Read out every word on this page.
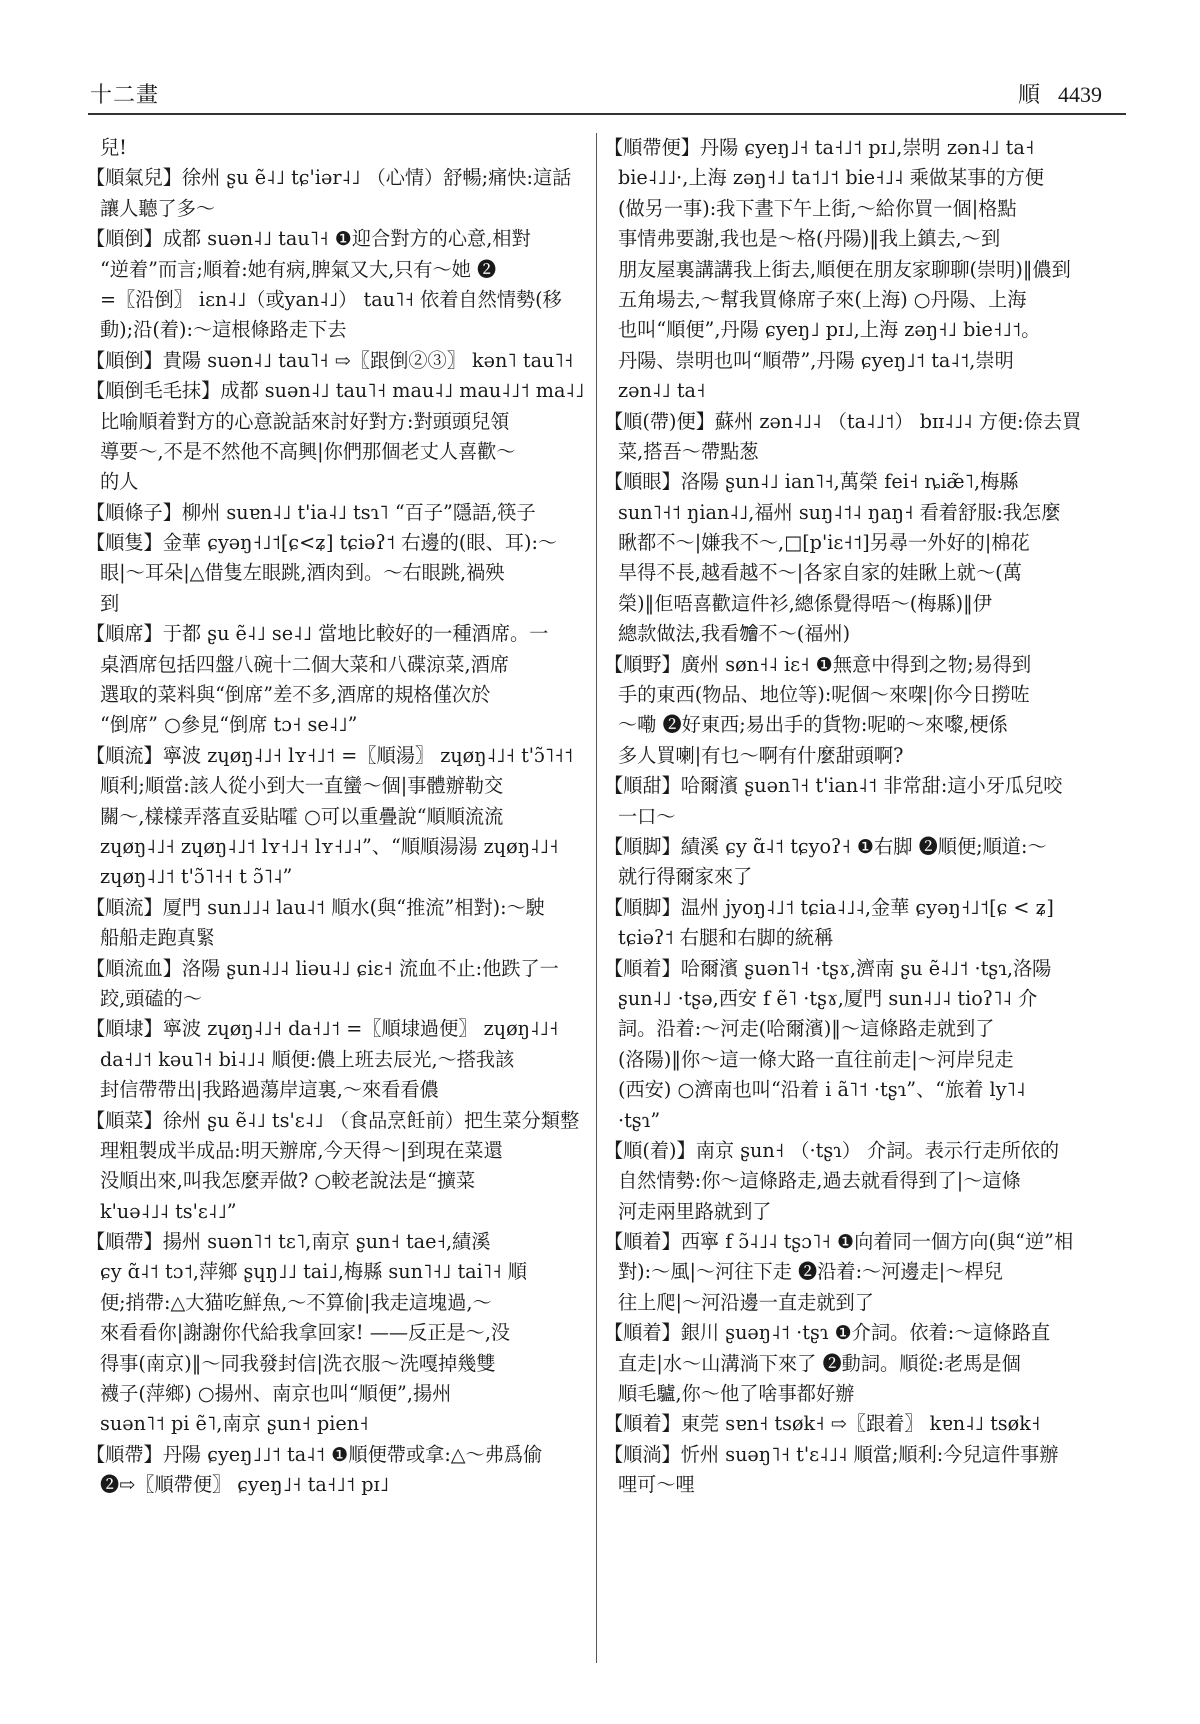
十二畫	順 4439
兒!
【順氣兒】徐州 ʂu ẽ˨˩ tɕ'iər˨˩ （心情）舒暢;痛快:這話
讓人聽了多～
【順倒】成都 suən˨˩ tau˥˧ ❶迎合對方的心意,相對
“逆着”而言;順着:她有病,脾氣又大,只有～她 ❷
=〖沿倒〗 iɛn˨˩（或yan˨˩） tau˥˧ 依着自然情勢(移
動);沿(着):～這根條路走下去
【順倒】貴陽 suən˨˩ tau˥˧ ⇨〖跟倒②③〗 kən˥ tau˥˧
【順倒毛毛抹】成都 suən˨˩ tau˥˧ mau˨˩ mau˨˩˦ ma˨˩
比喻順着對方的心意說話來討好對方:對頭頭兒領
導要～,不是不然他不高興|你們那個老丈人喜歡～
的人
【順條子】柳州 suɐn˨˩ t'ia˨˩ tsɿ˥ “百子”隱語,筷子
【順隻】金華 ɕyəŋ˧˩˦[ɕ<ʑ] tɕiəʔ˦ 右邊的(眼、耳):～
眼|～耳朵|△借隻左眼跳,酒肉到。～右眼跳,禍殃
到
【順席】于都 ʂu ẽ˨˩ se˨˩ 當地比較好的一種酒席。一
桌酒席包括四盤八碗十二個大菜和八碟涼菜,酒席
選取的菜料與“倒席”差不多,酒席的規格僅次於
“倒席” ○參見“倒席 tɔ˧ se˨˩”
【順流】寧波 zɥøŋ˨˩˧ lʏ˧˩˦ =〖順湯〗 zɥøŋ˨˩˧ t'ɔ̃˥˧˦
順利;順當:該人從小到大一直蠻～個|事體辦勒交
關～,樣樣弄落直妥貼嚯 ○可以重疊說“順順流流
zɥøŋ˨˩˧ zɥøŋ˨˩˦ lʏ˧˩˧ lʏ˧˩˨”、“順順湯湯 zɥøŋ˨˩˧
zɥøŋ˨˩˦ t'ɔ̃˥˧˧ t ɔ̃˥˨”
【順流】厦門 sun˩˩˨ lau˨˦ 順水(與“推流”相對):～駛
船船走跑真緊
【順流血】洛陽 ʂun˨˩˨ liəu˨˩ ɕiɛ˧ 流血不止:他跌了一
跤,頭磕的～
【順埭】寧波 zɥøŋ˨˩˧ da˧˩˦ =〖順埭過便〗 zɥøŋ˨˩˧
da˧˩˦ kəu˥˧ bi˨˩˨ 順便:儂上班去辰光,～搭我該
封信帶帶出|我路過蕩岸這裏,～來看看儂
【順菜】徐州 ʂu ẽ˨˩ ts'ɛ˨˩ （食品烹飪前）把生菜分類整
理粗製成半成品:明天辦席,今天得～|到現在菜還
没順出來,叫我怎麼弄做? ○較老說法是“擴菜
k'uə˨˩˨ ts'ɛ˨˩”
【順帶】揚州 suən˥˦ tɛ˥,南京 ʂun˧ tae˧,績溪
ɕy ɑ̃˨˦ tɔ˦,萍鄉 ʂɥŋ˩˩ tai˩,梅縣 sun˥˧˩ tai˥˧ 順
便;捎帶:△大猫吃鮮魚,～不算偷|我走這塊過,～
來看看你|謝謝你代給我拿回家! ——反正是～,没
得事(南京)‖～同我發封信|洗衣服～洗嘎掉幾雙
襪子(萍鄉) ○揚州、南京也叫“順便”,揚州
suən˥˦ pi ẽ˥,南京 ʂun˧ pien˧
【順帶】丹陽 ɕyeŋ˩˩˦ ta˨˦ ❶順便帶或拿:△～弗爲偷
❷⇨〖順帶便〗 ɕyeŋ˩˧ ta˧˩˦ pɪ˩
【順帶便】丹陽 ɕyeŋ˩˧ ta˧˩˦ pɪ˩,崇明 zən˨˩ ta˧
bie˨˩˩·,上海 zəŋ˧˩ ta˦˩˦ bie˧˩˨ 乘做某事的方便
(做另一事):我下晝下午上街,～給你買一個|格點
事情弗要謝,我也是～格(丹陽)‖我上鎮去,～到
朋友屋裏講講我上街去,順便在朋友家聊聊(崇明)‖儂到
五角場去,～幫我買條席子來(上海) ○丹陽、上海
也叫“順便”,丹陽 ɕyeŋ˩ pɪ˩,上海 zəŋ˧˩ bie˧˩˦。
丹陽、崇明也叫“順帶”,丹陽 ɕyeŋ˩˦ ta˨˦,崇明
zən˨˩ ta˧
【順(帶)便】蘇州 zən˨˩˨ （ta˨˩˦） bɪɪ˨˩˨ 方便:倷去買
菜,搭吾～帶點葱
【順眼】洛陽 ʂun˨˩ ian˥˧,萬榮 fei˧ ȵiæ̃˥,梅縣
sun˥˧˦ ŋian˨˩,福州 suŋ˨˦˨ ŋaŋ˧ 看着舒服:我怎麼
瞅都不～|嫌我不～,□[p'iɛ˧˦]另尋一外好的|棉花
旱得不長,越看越不～|各家自家的娃瞅上就～(萬
榮)‖佢唔喜歡這件衫,總係覺得唔～(梅縣)‖伊
總款做法,我看𣍐不～(福州)
【順野】廣州 søn˧˨ iɛ˧ ❶無意中得到之物;易得到
手的東西(物品、地位等):呢個～來㗎|你今日撈咗
～嘞 ❷好東西;易出手的貨物:呢啲～來嚟,梗係
多人買喇|有乜～啊有什麼甜頭啊?
【順甜】哈爾濱 ʂuən˥˧ t'ian˨˦ 非常甜:這小牙瓜兒咬
一口～
【順脚】績溪 ɕy ɑ̃˨˦ tɕyoʔ˧ ❶右脚 ❷順便;順道:～
就行得爾家來了
【順脚】温州 jyoŋ˨˩˦ tɕia˨˩˨,金華 ɕyəŋ˧˩˦[ɕ < ʑ]
tɕiəʔ˦ 右腿和右脚的統稱
【順着】哈爾濱 ʂuən˥˧ ·tʂɤ,濟南 ʂu ẽ˨˩˦ ·tʂɿ,洛陽
ʂun˨˩ ·tʂə,西安 f ẽ˥ ·tʂɤ,厦門 sun˨˩˨ tioʔ˥˨ 介
詞。沿着:～河走(哈爾濱)‖～這條路走就到了
(洛陽)‖你～這一條大路一直往前走|～河岸兒走
(西安) ○濟南也叫“沿着 i ã˥˦ ·tʂɿ”、“旅着 ly˥˨
·tʂɿ”
【順(着)】南京 ʂun˧ （·tʂɿ） 介詞。表示行走所依的
自然情勢:你～這條路走,過去就看得到了|～這條
河走兩里路就到了
【順着】西寧 f ɔ̃˨˩˨ tʂɔ˥˧ ❶向着同一個方向(與“逆”相
對):～風|～河往下走 ❷沿着:～河邊走|～桿兒
往上爬|～河沿邊一直走就到了
【順着】銀川 ʂuəŋ˨˦ ·tʂɿ ❶介詞。依着:～這條路直
直走|水～山溝淌下來了 ❷動詞。順從:老馬是個
順毛驢,你～他了啥事都好辦
【順着】東莞 sɐn˧ tsøk˧ ⇨〖跟着〗 kɐn˨˩ tsøk˧
【順淌】忻州 suəŋ˥˧ t'ɛ˨˩˨ 順當;順利:今兒這件事辦
哩可～哩
